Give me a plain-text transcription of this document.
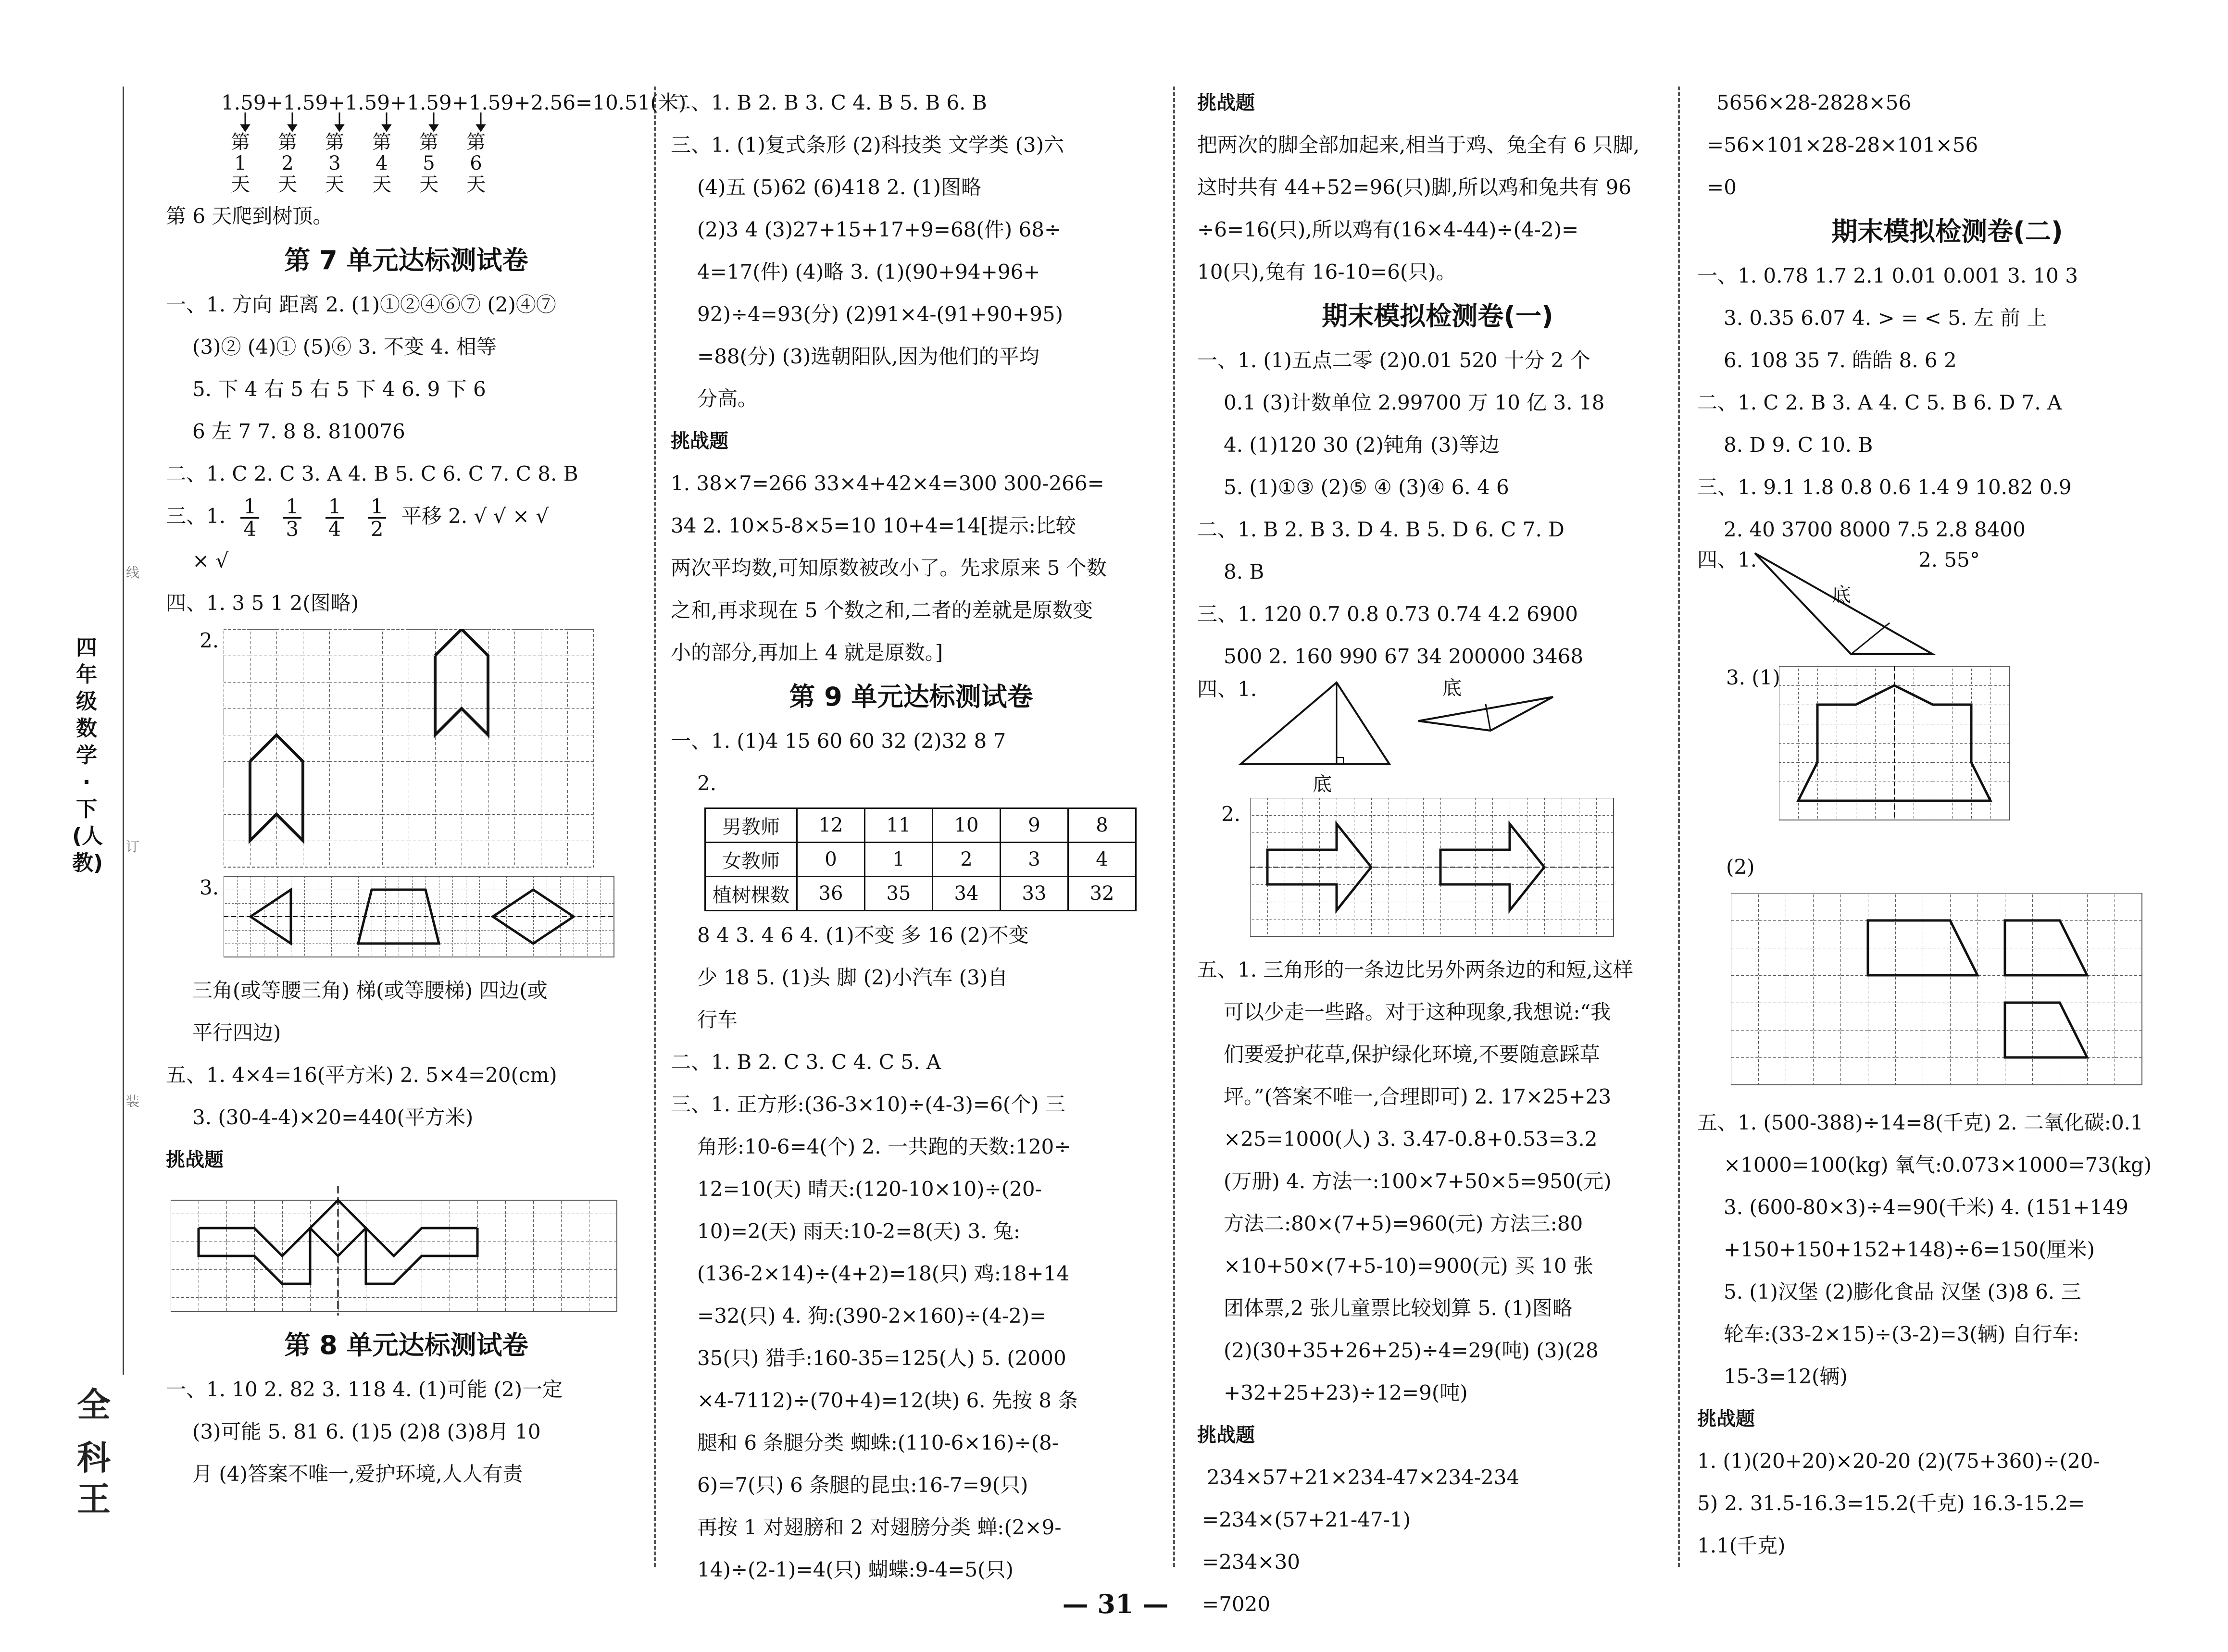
线
订
装
四年级数学·下(人教)
全
科
王
1.59+1.59+1.59+1.59+1.59+2.56=10.51(米)
第
1
天
第
2
天
第
3
天
第
4
天
第
5
天
第
6
天
第 6 天爬到树顶。
第 7 单元达标测试卷
一、1. 方向 距离 2. (1)①②④⑥⑦ (2)④⑦
(3)② (4)① (5)⑥ 3. 不变 4. 相等
5. 下 4 右 5 右 5 下 4 6. 9 下 6
6 左 7 7. 8 8. 810076
二、1. C 2. C 3. A 4. B 5. C 6. C 7. C 8. B
三、1. $\frac{1}{4}$
$\frac{1}{3}$
$\frac{1}{4}$
$\frac{1}{2}$ 平移 2. √ √ × √
× √
四、1. 3 5 1 2(图略)
2.
3.
三角(或等腰三角) 梯(或等腰梯) 四边(或
平行四边)
五、1. 4×4=16(平方米) 2. 5×4=20(cm)
3. (30-4-4)×20=440(平方米)
挑战题
第 8 单元达标测试卷
一、1. 10 2. 82 3. 118 4. (1)可能 (2)一定
(3)可能 5. 81 6. (1)5 (2)8 (3)8月 10
月 (4)答案不唯一,爱护环境,人人有责
二、1. B 2. B 3. C 4. B 5. B 6. B
三、1. (1)复式条形 (2)科技类 文学类 (3)六
(4)五 (5)62 (6)418 2. (1)图略
(2)3 4 (3)27+15+17+9=68(件) 68÷
4=17(件) (4)略 3. (1)(90+94+96+
92)÷4=93(分) (2)91×4-(91+90+95)
=88(分) (3)选朝阳队,因为他们的平均
分高。
挑战题
1. 38×7=266 33×4+42×4=300 300-266=
34 2. 10×5-8×5=10 10+4=14[提示:比较
两次平均数,可知原数被改小了。先求原来 5 个数
之和,再求现在 5 个数之和,二者的差就是原数变
小的部分,再加上 4 就是原数。]
第 9 单元达标测试卷
一、1. (1)4 15 60 60 32 (2)32 8 7
2.
男教师	12	11	10	9	8
女教师	0	1	2	3	4
植树棵数	36	35	34	33	32
8 4 3. 4 6 4. (1)不变 多 16 (2)不变
少 18 5. (1)头 脚 (2)小汽车 (3)自
行车
二、1. B 2. C 3. C 4. C 5. A
三、1. 正方形:(36-3×10)÷(4-3)=6(个) 三
角形:10-6=4(个) 2. 一共跑的天数:120÷
12=10(天) 晴天:(120-10×10)÷(20-
10)=2(天) 雨天:10-2=8(天) 3. 兔:
(136-2×14)÷(4+2)=18(只) 鸡:18+14
=32(只) 4. 狗:(390-2×160)÷(4-2)=
35(只) 猎手:160-35=125(人) 5. (2000
×4-7112)÷(70+4)=12(块) 6. 先按 8 条
腿和 6 条腿分类 蜘蛛:(110-6×16)÷(8-
6)=7(只) 6 条腿的昆虫:16-7=9(只)
再按 1 对翅膀和 2 对翅膀分类 蝉:(2×9-
14)÷(2-1)=4(只) 蝴蝶:9-4=5(只)
挑战题
把两次的脚全部加起来,相当于鸡、兔全有 6 只脚,
这时共有 44+52=96(只)脚,所以鸡和兔共有 96
÷6=16(只),所以鸡有(16×4-44)÷(4-2)=
10(只),兔有 16-10=6(只)。
期末模拟检测卷(一)
一、1. (1)五点二零 (2)0.01 520 十分 2 个
0.1 (3)计数单位 2.99700 万 10 亿 3. 18
4. (1)120 30 (2)钝角 (3)等边
5. (1)①③ (2)⑤ ④ (3)④ 6. 4 6
二、1. B 2. B 3. D 4. B 5. D 6. C 7. D
8. B
三、1. 120 0.7 0.8 0.73 0.74 4.2 6900
500 2. 160 990 67 34 200000 3468
四、1.
底
底
2.
五、1. 三角形的一条边比另外两条边的和短,这样
可以少走一些路。对于这种现象,我想说:“我
们要爱护花草,保护绿化环境,不要随意踩草
坪。”(答案不唯一,合理即可) 2. 17×25+23
×25=1000(人) 3. 3.47-0.8+0.53=3.2
(万册) 4. 方法一:100×7+50×5=950(元)
方法二:80×(7+5)=960(元) 方法三:80
×10+50×(7+5-10)=900(元) 买 10 张
团体票,2 张儿童票比较划算 5. (1)图略
(2)(30+35+26+25)÷4=29(吨) (3)(28
+32+25+23)÷12=9(吨)
挑战题
234×57+21×234-47×234-234
=234×(57+21-47-1)
=234×30
=7020
5656×28-2828×56
=56×101×28-28×101×56
=0
期末模拟检测卷(二)
一、1. 0.78 1.7 2.1 0.01 0.001 3. 10 3
3. 0.35 6.07 4. > = < 5. 左 前 上
6. 108 35 7. 皓皓 8. 6 2
二、1. C 2. B 3. A 4. C 5. B 6. D 7. A
8. D 9. C 10. B
三、1. 9.1 1.8 0.8 0.6 1.4 9 10.82 0.9
2. 40 3700 8000 7.5 2.8 8400
四、1.	2. 55°
底
3. (1)
(2)
五、1. (500-388)÷14=8(千克) 2. 二氧化碳:0.1
×1000=100(kg) 氧气:0.073×1000=73(kg)
3. (600-80×3)÷4=90(千米) 4. (151+149
+150+150+152+148)÷6=150(厘米)
5. (1)汉堡 (2)膨化食品 汉堡 (3)8 6. 三
轮车:(33-2×15)÷(3-2)=3(辆) 自行车:
15-3=12(辆)
挑战题
1. (1)(20+20)×20-20 (2)(75+360)÷(20-
5) 2. 31.5-16.3=15.2(千克) 16.3-15.2=
1.1(千克)
— 31 —
